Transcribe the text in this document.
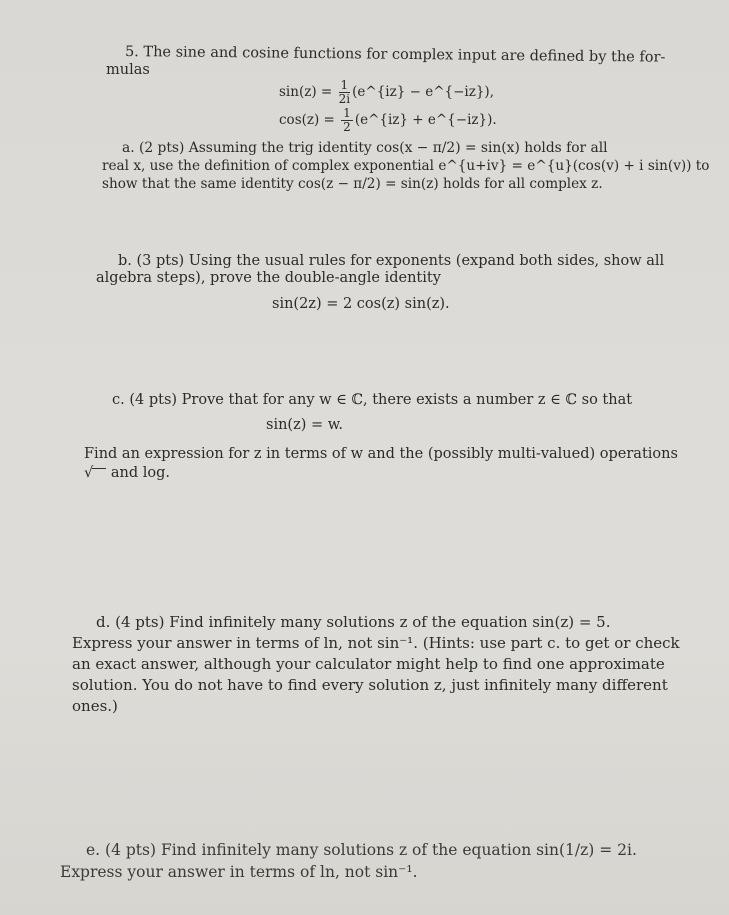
5. The sine and cosine functions for complex input are defined by the for-
mulas
$\sin(z) = \frac{1}{2i}$ (e^{iz} − e^{−iz}),
$\cos(z) = \frac{1}{2}$ (e^{iz} + e^{−iz}).
a. (2 pts) Assuming the trig identity cos(x − π/2) = sin(x) holds for all
real x, use the definition of complex exponential e^{u+iv} = e^{u}(cos(v) + i sin(v)) to
show that the same identity cos(z − π/2) = sin(z) holds for all complex z.
b. (3 pts) Using the usual rules for exponents (expand both sides, show all
algebra steps), prove the double-angle identity
sin(2z) = 2 cos(z) sin(z).
c. (4 pts) Prove that for any w ∈ ℂ, there exists a number z ∈ ℂ so that
sin(z) = w.
Find an expression for z in terms of w and the (possibly multi-valued) operations
√ and log.
d. (4 pts) Find infinitely many solutions z of the equation sin(z) = 5.
Express your answer in terms of ln, not sin⁻¹. (Hints: use part c. to get or check
an exact answer, although your calculator might help to find one approximate
solution. You do not have to find every solution z, just infinitely many different
ones.)
e. (4 pts) Find infinitely many solutions z of the equation sin(1/z) = 2i.
Express your answer in terms of ln, not sin⁻¹.
